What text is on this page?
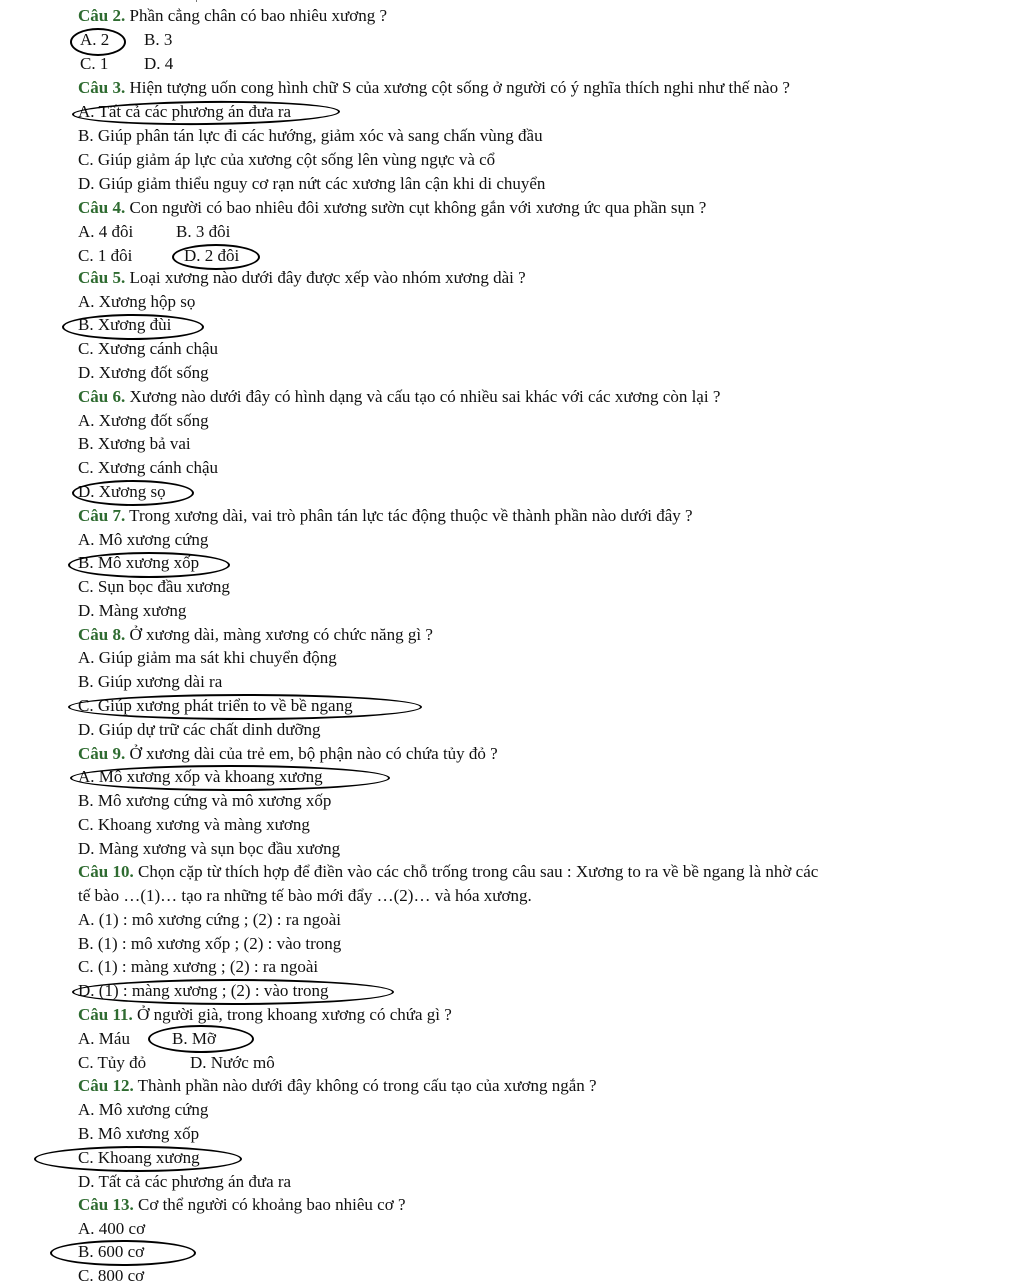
Câu 2. Phần cẳng chân có bao nhiêu xương ?
A. 2 B. 3
C. 1 D. 4
Câu 3. Hiện tượng uốn cong hình chữ S của xương cột sống ở người có ý nghĩa thích nghi như thế nào ?
A. Tất cả các phương án đưa ra
B. Giúp phân tán lực đi các hướng, giảm xóc và sang chấn vùng đầu
C. Giúp giảm áp lực của xương cột sống lên vùng ngực và cổ
D. Giúp giảm thiểu nguy cơ rạn nứt các xương lân cận khi di chuyển
Câu 4. Con người có bao nhiêu đôi xương sườn cụt không gắn với xương ức qua phần sụn ?
A. 4 đôi	B. 3 đôi
C. 1 đôi	D. 2 đôi
Câu 5. Loại xương nào dưới đây được xếp vào nhóm xương dài ?
A. Xương hộp sọ
B. Xương đùi
C. Xương cánh chậu
D. Xương đốt sống
Câu 6. Xương nào dưới đây có hình dạng và cấu tạo có nhiều sai khác với các xương còn lại ?
A. Xương đốt sống
B. Xương bả vai
C. Xương cánh chậu
D. Xương sọ
Câu 7. Trong xương dài, vai trò phân tán lực tác động thuộc về thành phần nào dưới đây ?
A. Mô xương cứng
B. Mô xương xốp
C. Sụn bọc đầu xương
D. Màng xương
Câu 8. Ở xương dài, màng xương có chức năng gì ?
A. Giúp giảm ma sát khi chuyển động
B. Giúp xương dài ra
C. Giúp xương phát triển to về bề ngang
D. Giúp dự trữ các chất dinh dưỡng
Câu 9. Ở xương dài của trẻ em, bộ phận nào có chứa tủy đỏ ?
A. Mô xương xốp và khoang xương
B. Mô xương cứng và mô xương xốp
C. Khoang xương và màng xương
D. Màng xương và sụn bọc đầu xương
Câu 10. Chọn cặp từ thích hợp để điền vào các chỗ trống trong câu sau : Xương to ra về bề ngang là nhờ các
tế bào …(1)… tạo ra những tế bào mới đẩy …(2)… và hóa xương.
A. (1) : mô xương cứng ; (2) : ra ngoài
B. (1) : mô xương xốp ; (2) : vào trong
C. (1) : màng xương ; (2) : ra ngoài
D. (1) : màng xương ; (2) : vào trong
Câu 11. Ở người già, trong khoang xương có chứa gì ?
A. Máu B. Mỡ
C. Tủy đỏ	D. Nước mô
Câu 12. Thành phần nào dưới đây không có trong cấu tạo của xương ngắn ?
A. Mô xương cứng
B. Mô xương xốp
C. Khoang xương
D. Tất cả các phương án đưa ra
Câu 13. Cơ thể người có khoảng bao nhiêu cơ ?
A. 400 cơ
B. 600 cơ
C. 800 cơ
